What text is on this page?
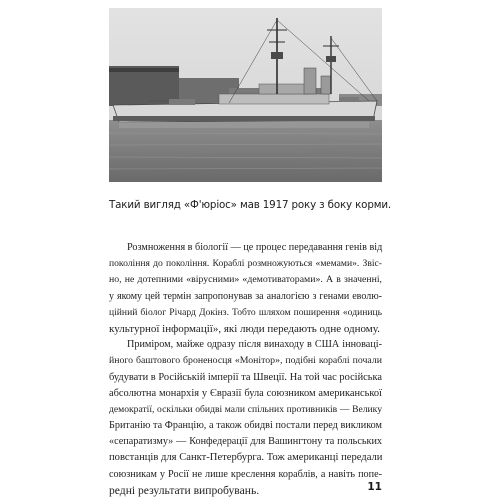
Такий вигляд «Ф'юріос» мав 1917 року з боку корми.
Розмноження в біології — це процес передавання генів від
покоління до покоління. Кораблі розмножуються «мемами». Звіс-
но, не дотепними «вірусними» «демотиваторами». А в значенні,
у якому цей термін запропонував за аналогією з генами еволю-
ційний біолог Річард Докінз. Тобто шляхом поширення «одиниць
культурної інформації», які люди передають одне одному.
Приміром, майже одразу після винаходу в США інноваці-
йного баштового броненосця «Монітор», подібні кораблі почали
будувати в Російській імперії та Швеції. На той час російська
абсолютна монархія у Євразії була союзником американської
демократії, оскільки обидві мали спільних противників — Велику
Британію та Францію, а також обидві постали перед викликом
«сепаратизму» — Конфедерації для Вашингтону та польських
повстанців для Санкт-Петербурга. Тож американці передали
союзникам у Росії не лише креслення кораблів, а навіть попе-
редні результати випробувань.	11
